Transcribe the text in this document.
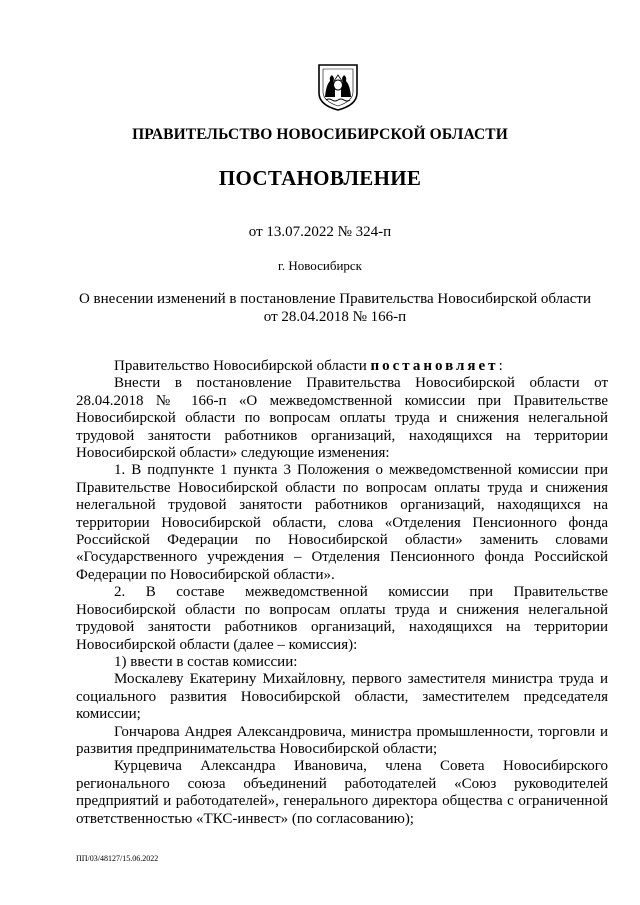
ПРАВИТЕЛЬСТВО НОВОСИБИРСКОЙ ОБЛАСТИ
ПОСТАНОВЛЕНИЕ
от 13.07.2022 № 324-п
г. Новосибирск
О внесении изменений в постановление Правительства Новосибирской области
от 28.04.2018 № 166-п

Правительство Новосибирской области постановляет:

Внести в постановление Правительства Новосибирской области от 28.04.2018 № 166-п «О межведомственной комиссии при Правительстве Новосибирской области по вопросам оплаты труда и снижения нелегальной трудовой занятости работников организаций, находящихся на территории Новосибирской области» следующие изменения:

1. В подпункте 1 пункта 3 Положения о межведомственной комиссии при Правительстве Новосибирской области по вопросам оплаты труда и снижения нелегальной трудовой занятости работников организаций, находящихся на территории Новосибирской области, слова «Отделения Пенсионного фонда Российской Федерации по Новосибирской области» заменить словами «Государственного учреждения – Отделения Пенсионного фонда Российской Федерации по Новосибирской области».

2. В составе межведомственной комиссии при Правительстве Новосибирской области по вопросам оплаты труда и снижения нелегальной трудовой занятости работников организаций, находящихся на территории Новосибирской области (далее – комиссия):

1) ввести в состав комиссии:

Москалеву Екатерину Михайловну, первого заместителя министра труда и социального развития Новосибирской области, заместителем председателя комиссии;

Гончарова Андрея Александровича, министра промышленности, торговли и развития предпринимательства Новосибирской области;

Курцевича Александра Ивановича, члена Совета Новосибирского регионального союза объединений работодателей «Союз руководителей предприятий и работодателей», генерального директора общества с ограниченной ответственностью «ТКС-инвест» (по согласованию);

ПП/03/48127/15.06.2022
